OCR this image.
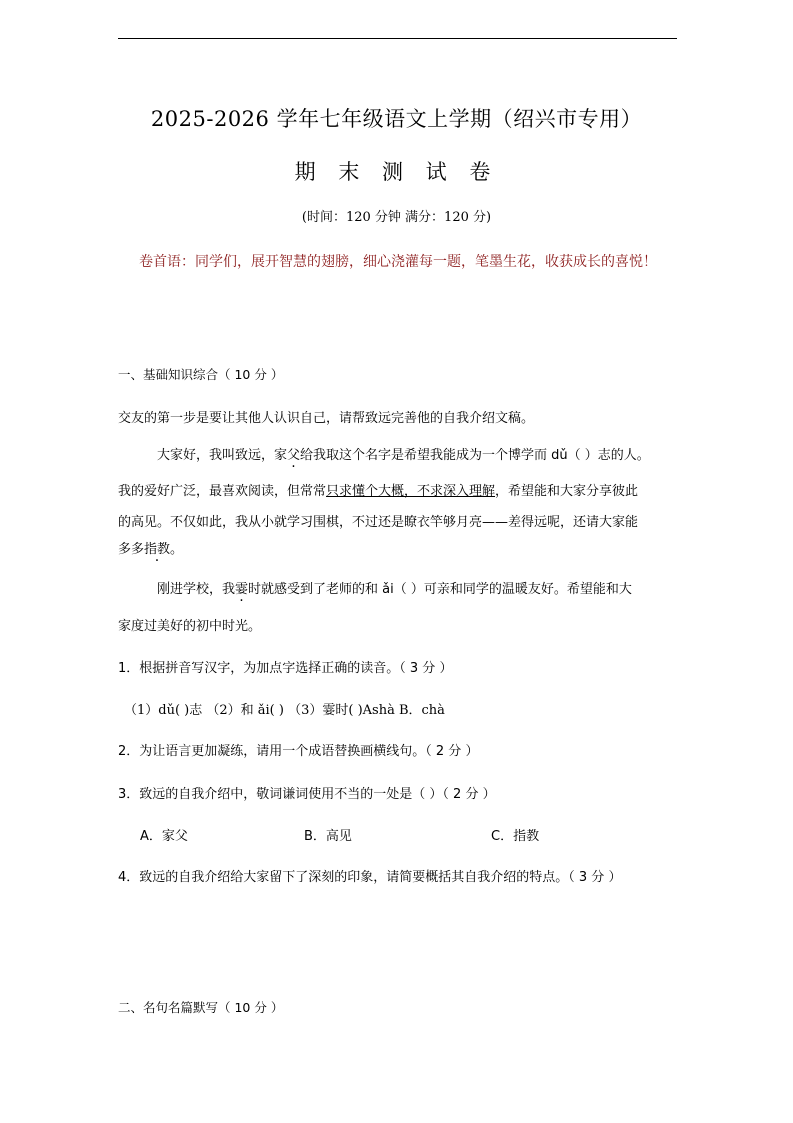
2025-2026 学年七年级语文上学期（绍兴市专用）
期 末 测 试 卷
(时间：120 分钟 满分：120 分)
卷首语：同学们，展开智慧的翅膀，细心浇灌每一题，笔墨生花，收获成长的喜悦！
一、基础知识综合（ 10 分 ）
交友的第一步是要让其他人认识自己，请帮致远完善他的自我介绍文稿。
大家好，我叫致远，家父给我取这个名字是希望我能成为一个博学而 dǔ（ ）志的人。
我的爱好广泛，最喜欢阅读，但常常只求懂个大概，不求深入理解，希望能和大家分享彼此
的高见。不仅如此，我从小就学习围棋，不过还是瞭衣竿够月亮——差得远呢，还请大家能
多多指教。
刚进学校，我霎时就感受到了老师的和 ǎi（ ）可亲和同学的温暖友好。希望能和大
家度过美好的初中时光。
1．根据拼音写汉字，为加点字选择正确的读音。（ 3 分 ）
（1）dǔ( )志 （2）和 ǎi( ) （3）霎时( )Ashà B．chà
2．为让语言更加凝练，请用一个成语替换画横线句。（ 2 分 ）
3．致远的自我介绍中，敬词谦词使用不当的一处是（ ）（ 2 分 ）
A．家父	B．高见	C．指教
4．致远的自我介绍给大家留下了深刻的印象，请简要概括其自我介绍的特点。（ 3 分 ）
二、名句名篇默写（ 10 分 ）
